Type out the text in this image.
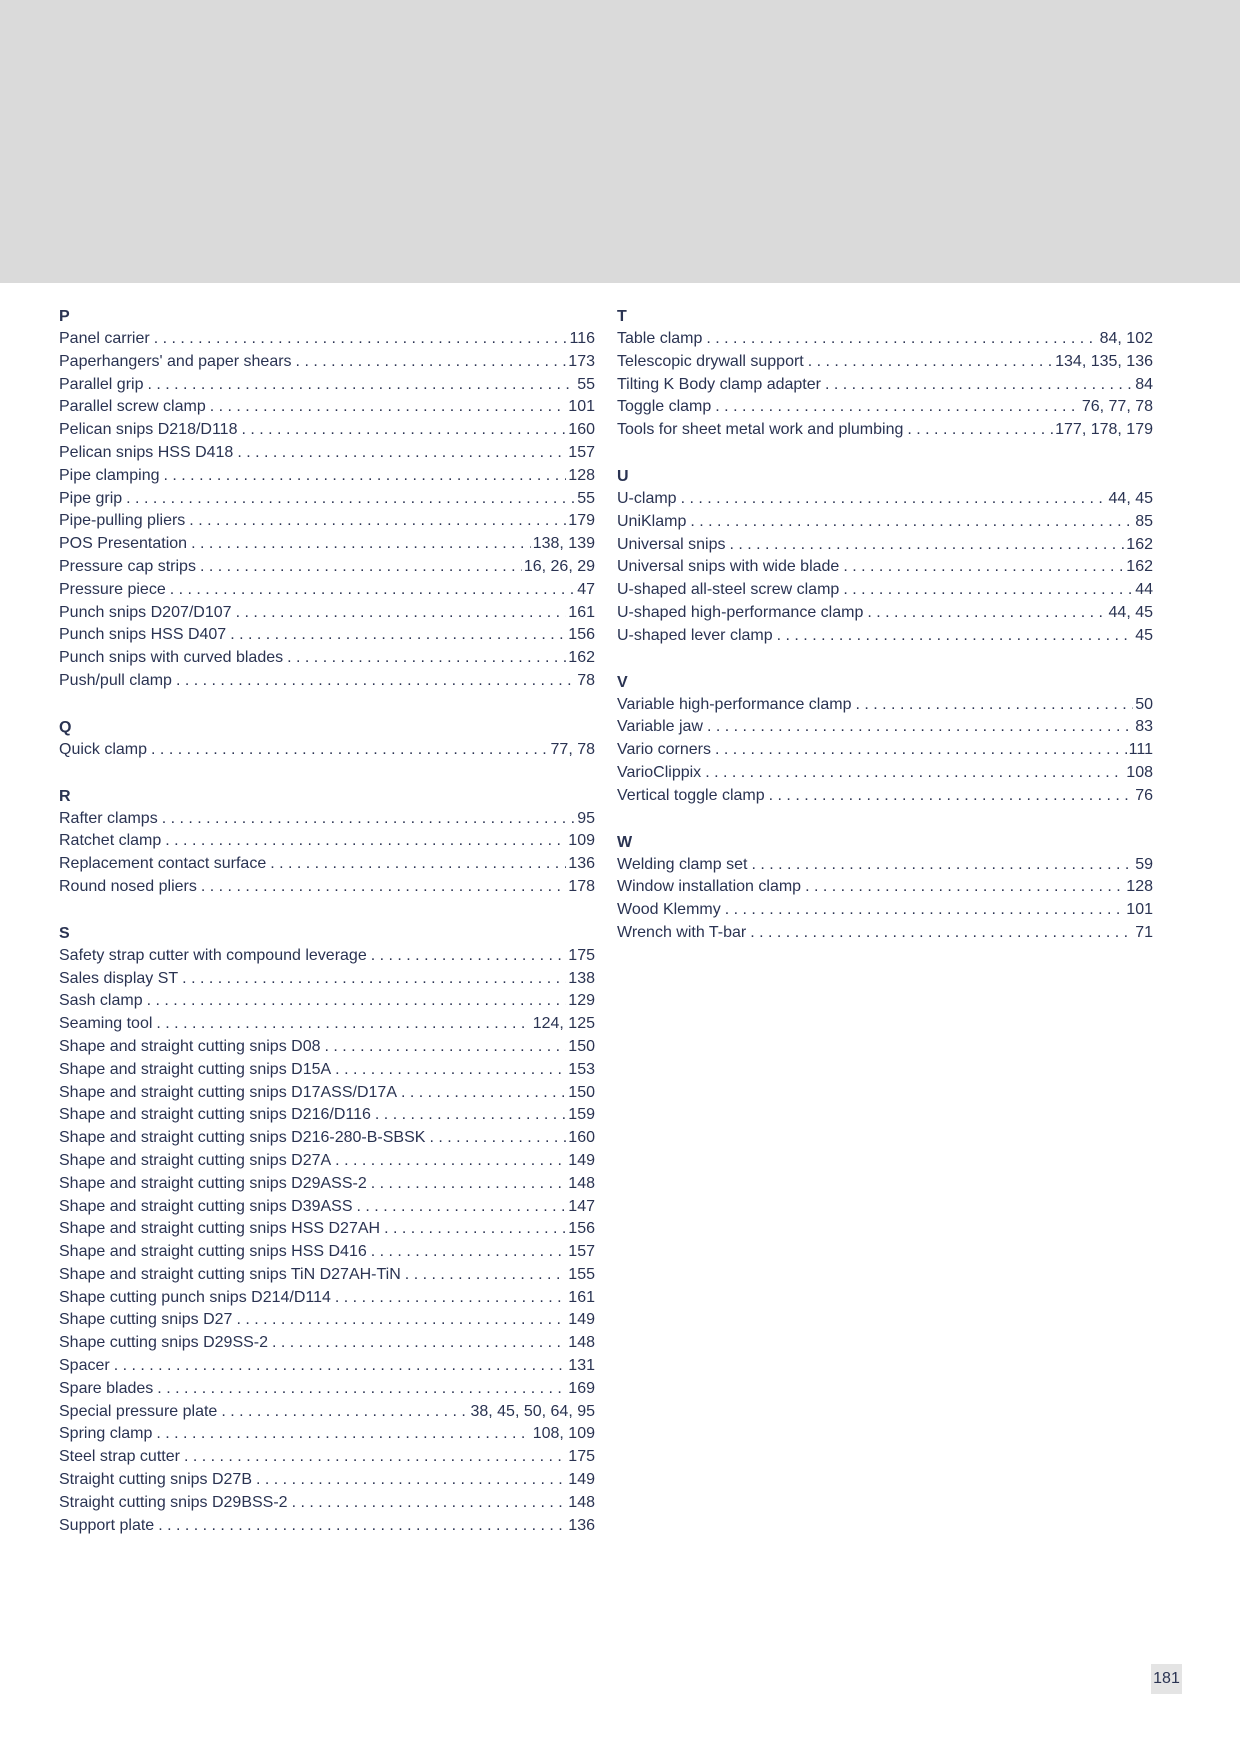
P
Panel carrier . . .	116
Paperhangers' and paper shears . . .	173
Parallel grip . . .	55
Parallel screw clamp . . .	101
Pelican snips D218/D118 . . .	160
Pelican snips HSS D418 . . .	157
Pipe clamping . . .	128
Pipe grip . . .	55
Pipe-pulling pliers . . .	179
POS Presentation . . .	138, 139
Pressure cap strips . . .	16, 26, 29
Pressure piece . . .	47
Punch snips D207/D107 . . .	161
Punch snips HSS D407 . . .	156
Punch snips with curved blades . . .	162
Push/pull clamp . . .	78
Q
Quick clamp . . .	77, 78
R
Rafter clamps . . .	95
Ratchet clamp . . .	109
Replacement contact surface . . .	136
Round nosed pliers . . .	178
S
Safety strap cutter with compound leverage . . .	175
Sales display ST . . .	138
Sash clamp . . .	129
Seaming tool . . .	124, 125
Shape and straight cutting snips D08 . . .	150
Shape and straight cutting snips D15A . . .	153
Shape and straight cutting snips D17ASS/D17A . . .	150
Shape and straight cutting snips D216/D116 . . .	159
Shape and straight cutting snips D216-280-B-SBSK . . .	160
Shape and straight cutting snips D27A . . .	149
Shape and straight cutting snips D29ASS-2 . . .	148
Shape and straight cutting snips D39ASS . . .	147
Shape and straight cutting snips HSS D27AH . . .	156
Shape and straight cutting snips HSS D416 . . .	157
Shape and straight cutting snips TiN D27AH-TiN . . .	155
Shape cutting punch snips D214/D114 . . .	161
Shape cutting snips D27 . . .	149
Shape cutting snips D29SS-2 . . .	148
Spacer . . .	131
Spare blades . . .	169
Special pressure plate . . .	38, 45, 50, 64, 95
Spring clamp . . .	108, 109
Steel strap cutter . . .	175
Straight cutting snips D27B . . .	149
Straight cutting snips D29BSS-2 . . .	148
Support plate . . .	136
T
Table clamp . . .	84, 102
Telescopic drywall support . . .	134, 135, 136
Tilting K Body clamp adapter . . .	84
Toggle clamp . . .	76, 77, 78
Tools for sheet metal work and plumbing . . .	177, 178, 179
U
U-clamp . . .	44, 45
UniKlamp . . .	85
Universal snips . . .	162
Universal snips with wide blade . . .	162
U-shaped all-steel screw clamp . . .	44
U-shaped high-performance clamp . . .	44, 45
U-shaped lever clamp . . .	45
V
Variable high-performance clamp . . .	50
Variable jaw . . .	83
Vario corners . . .	111
VarioClippix . . .	108
Vertical toggle clamp . . .	76
W
Welding clamp set . . .	59
Window installation clamp . . .	128
Wood Klemmy . . .	101
Wrench with T-bar . . .	71
181
